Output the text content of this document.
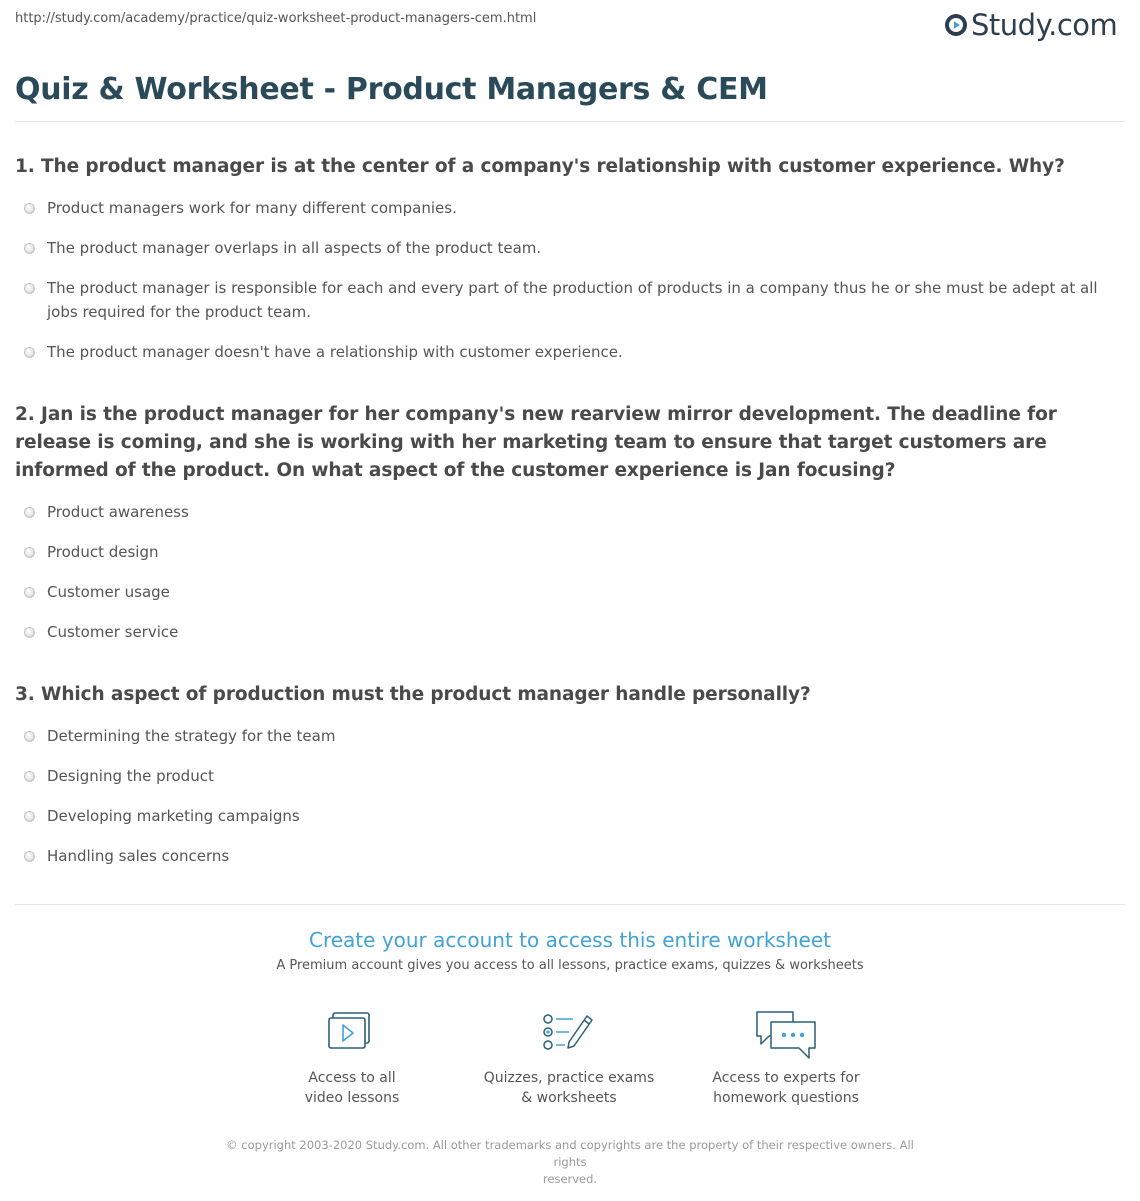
http://study.com/academy/practice/quiz-worksheet-product-managers-cem.html	Study.com
Quiz & Worksheet - Product Managers & CEM

1. The product manager is at the center of a company's relationship with customer experience. Why?

Product managers work for many different companies.
The product manager overlaps in all aspects of the product team.
The product manager is responsible for each and every part of the production of products in a company thus he or she must be adept at all jobs required for the product team.
The product manager doesn't have a relationship with customer experience.

2. Jan is the product manager for her company's new rearview mirror development. The deadline for release is coming, and she is working with her marketing team to ensure that target customers are informed of the product. On what aspect of the customer experience is Jan focusing?

Product awareness
Product design
Customer usage
Customer service

3. Which aspect of production must the product manager handle personally?

Determining the strategy for the team
Designing the product
Developing marketing campaigns
Handling sales concerns
Create your account to access this entire worksheet
A Premium account gives you access to all lessons, practice exams, quizzes & worksheets
Access to all
video lessons
Quizzes, practice exams
& worksheets
Access to experts for
homework questions
© copyright 2003-2020 Study.com. All other trademarks and copyrights are the property of their respective owners. All rights
reserved.
